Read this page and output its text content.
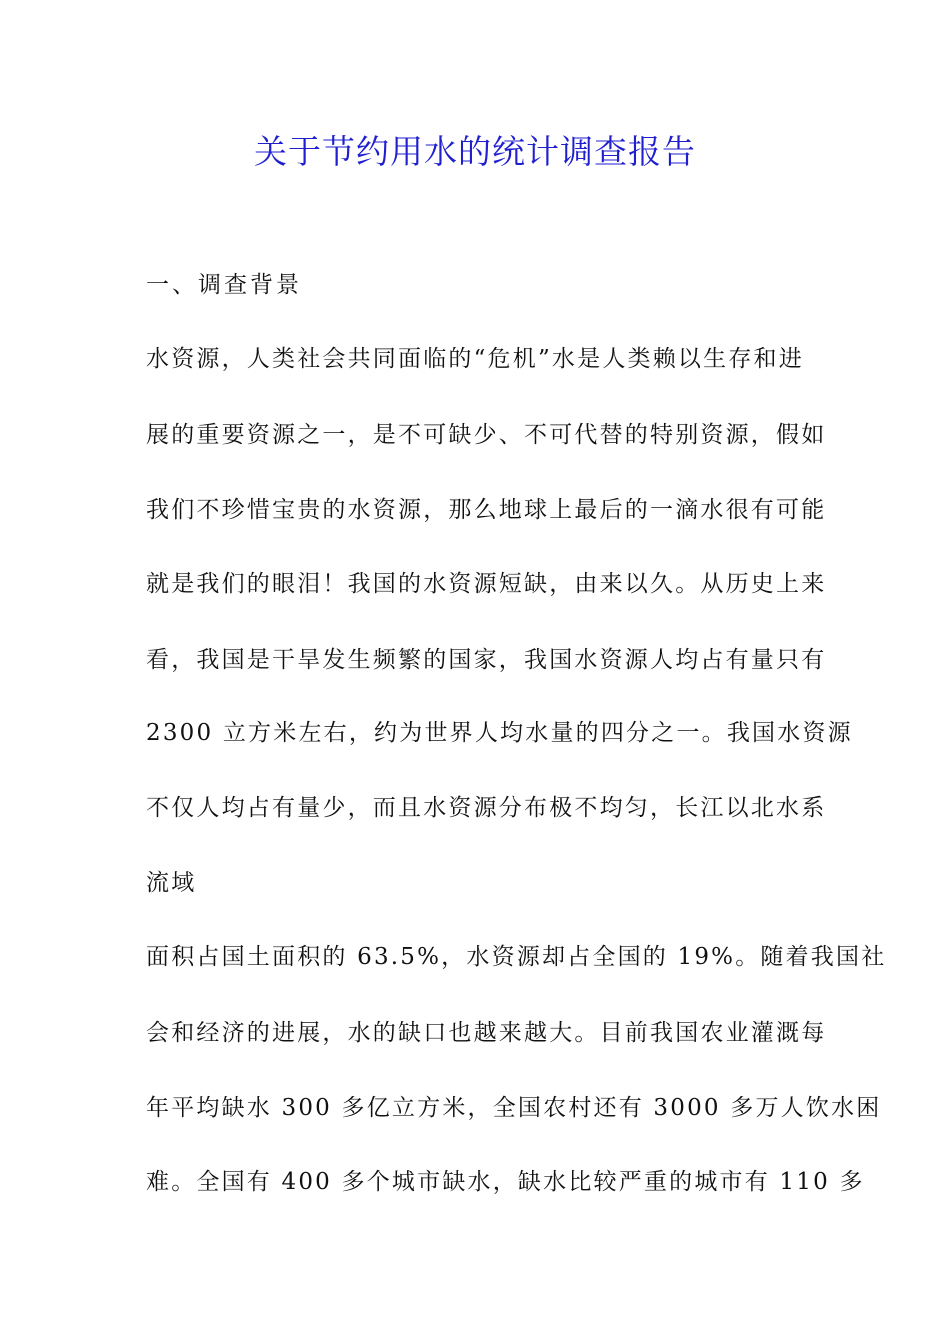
关于节约用水的统计调查报告
一、调查背景
水资源，人类社会共同面临的“危机”水是人类赖以生存和进
展的重要资源之一，是不可缺少、不可代替的特别资源，假如
我们不珍惜宝贵的水资源，那么地球上最后的一滴水很有可能
就是我们的眼泪！我国的水资源短缺，由来以久。从历史上来
看，我国是干旱发生频繁的国家，我国水资源人均占有量只有
2300 立方米左右，约为世界人均水量的四分之一。我国水资源
不仅人均占有量少，而且水资源分布极不均匀，长江以北水系
流域
面积占国土面积的 63.5%，水资源却占全国的 19%。随着我国社
会和经济的进展，水的缺口也越来越大。目前我国农业灌溉每
年平均缺水 300 多亿立方米，全国农村还有 3000 多万人饮水困
难。全国有 400 多个城市缺水，缺水比较严重的城市有 110 多
